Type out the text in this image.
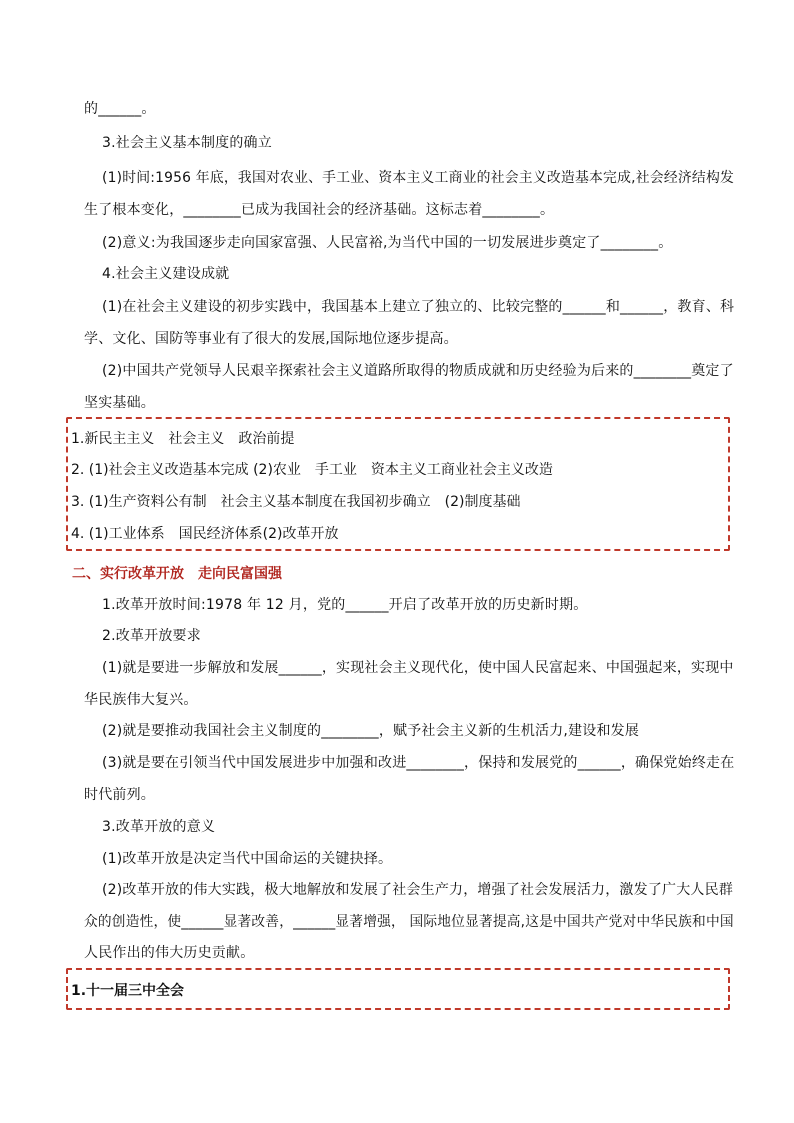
的______。
3.社会主义基本制度的确立
(1)时间:1956 年底，我国对农业、手工业、资本主义工商业的社会主义改造基本完成,社会经济结构发
生了根本变化，________已成为我国社会的经济基础。这标志着________。
(2)意义:为我国逐步走向国家富强、人民富裕,为当代中国的一切发展进步奠定了________。
4.社会主义建设成就
(1)在社会主义建设的初步实践中，我国基本上建立了独立的、比较完整的______和______，教育、科
学、文化、国防等事业有了很大的发展,国际地位逐步提高。
(2)中国共产党领导人民艰辛探索社会主义道路所取得的物质成就和历史经验为后来的________奠定了
坚实基础。
1.新民主主义　社会主义　政治前提
2. (1)社会主义改造基本完成 (2)农业　手工业　资本主义工商业社会主义改造
3. (1)生产资料公有制　社会主义基本制度在我国初步确立　(2)制度基础
4. (1)工业体系　国民经济体系(2)改革开放
二、实行改革开放　走向民富国强
1.改革开放时间:1978 年 12 月，党的______开启了改革开放的历史新时期。
2.改革开放要求
(1)就是要进一步解放和发展______，实现社会主义现代化，使中国人民富起来、中国强起来，实现中
华民族伟大复兴。
(2)就是要推动我国社会主义制度的________，赋予社会主义新的生机活力,建设和发展
(3)就是要在引领当代中国发展进步中加强和改进________，保持和发展党的______，确保党始终走在
时代前列。
3.改革开放的意义
(1)改革开放是决定当代中国命运的关键抉择。
(2)改革开放的伟大实践，极大地解放和发展了社会生产力，增强了社会发展活力，激发了广大人民群
众的创造性，使______显著改善，______显著增强， 国际地位显著提高,这是中国共产党对中华民族和中国
人民作出的伟大历史贡献。
1.十一届三中全会
